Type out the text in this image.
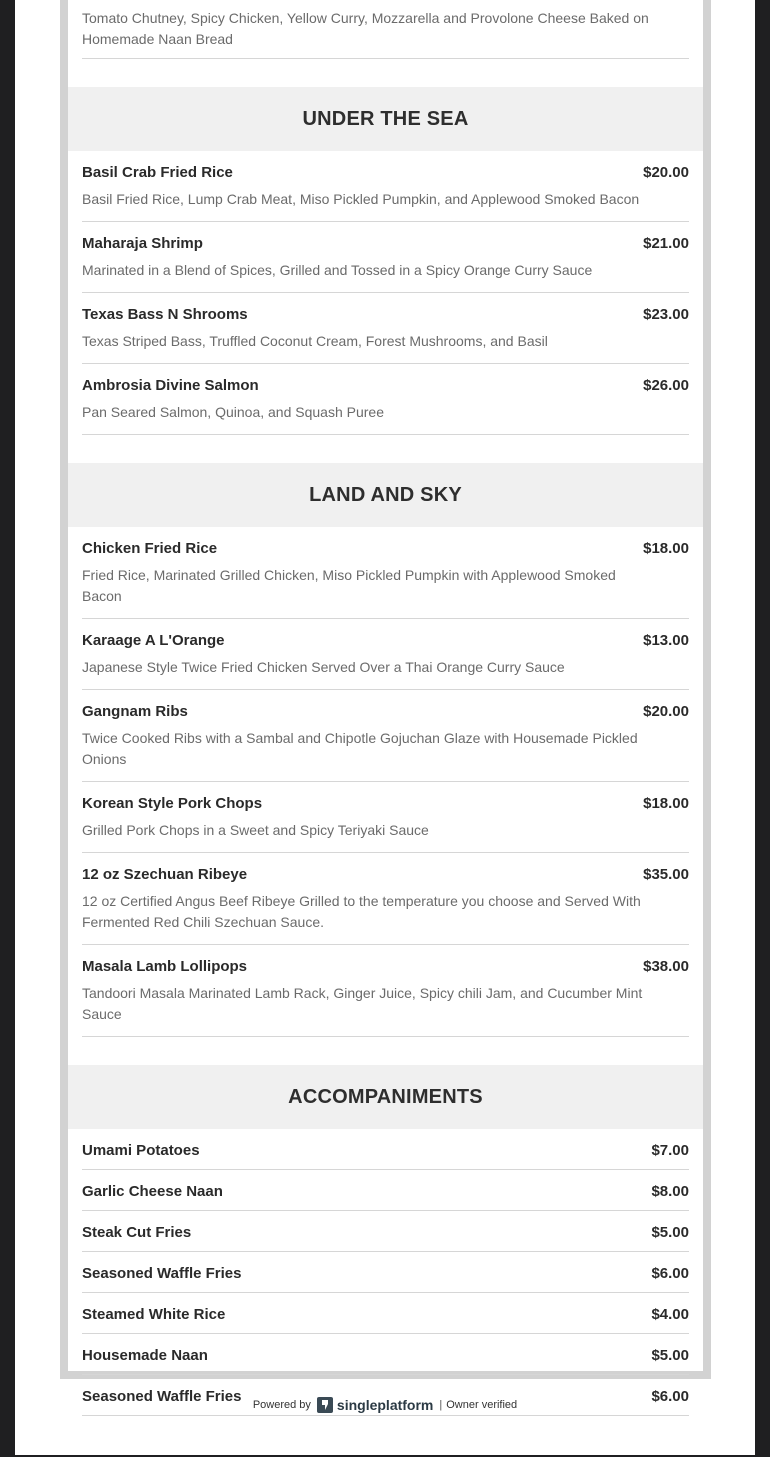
Tomato Chutney, Spicy Chicken, Yellow Curry, Mozzarella and Provolone Cheese Baked on Homemade Naan Bread
UNDER THE SEA
Basil Crab Fried Rice	$20.00
Basil Fried Rice, Lump Crab Meat, Miso Pickled Pumpkin, and Applewood Smoked Bacon
Maharaja Shrimp	$21.00
Marinated in a Blend of Spices, Grilled and Tossed in a Spicy Orange Curry Sauce
Texas Bass N Shrooms	$23.00
Texas Striped Bass, Truffled Coconut Cream, Forest Mushrooms, and Basil
Ambrosia Divine Salmon	$26.00
Pan Seared Salmon, Quinoa, and Squash Puree
LAND AND SKY
Chicken Fried Rice	$18.00
Fried Rice, Marinated Grilled Chicken, Miso Pickled Pumpkin with Applewood Smoked Bacon
Karaage A L'Orange	$13.00
Japanese Style Twice Fried Chicken Served Over a Thai Orange Curry Sauce
Gangnam Ribs	$20.00
Twice Cooked Ribs with a Sambal and Chipotle Gojuchan Glaze with Housemade Pickled Onions
Korean Style Pork Chops	$18.00
Grilled Pork Chops in a Sweet and Spicy Teriyaki Sauce
12 oz Szechuan Ribeye	$35.00
12 oz Certified Angus Beef Ribeye Grilled to the temperature you choose and Served With Fermented Red Chili Szechuan Sauce.
Masala Lamb Lollipops	$38.00
Tandoori Masala Marinated Lamb Rack, Ginger Juice, Spicy chili Jam, and Cucumber Mint Sauce
ACCOMPANIMENTS
Umami Potatoes	$7.00
Garlic Cheese Naan	$8.00
Steak Cut Fries	$5.00
Seasoned Waffle Fries	$6.00
Steamed White Rice	$4.00
Housemade Naan	$5.00
Seasoned Waffle Fries	$6.00
Powered by singleplatform | Owner verified
